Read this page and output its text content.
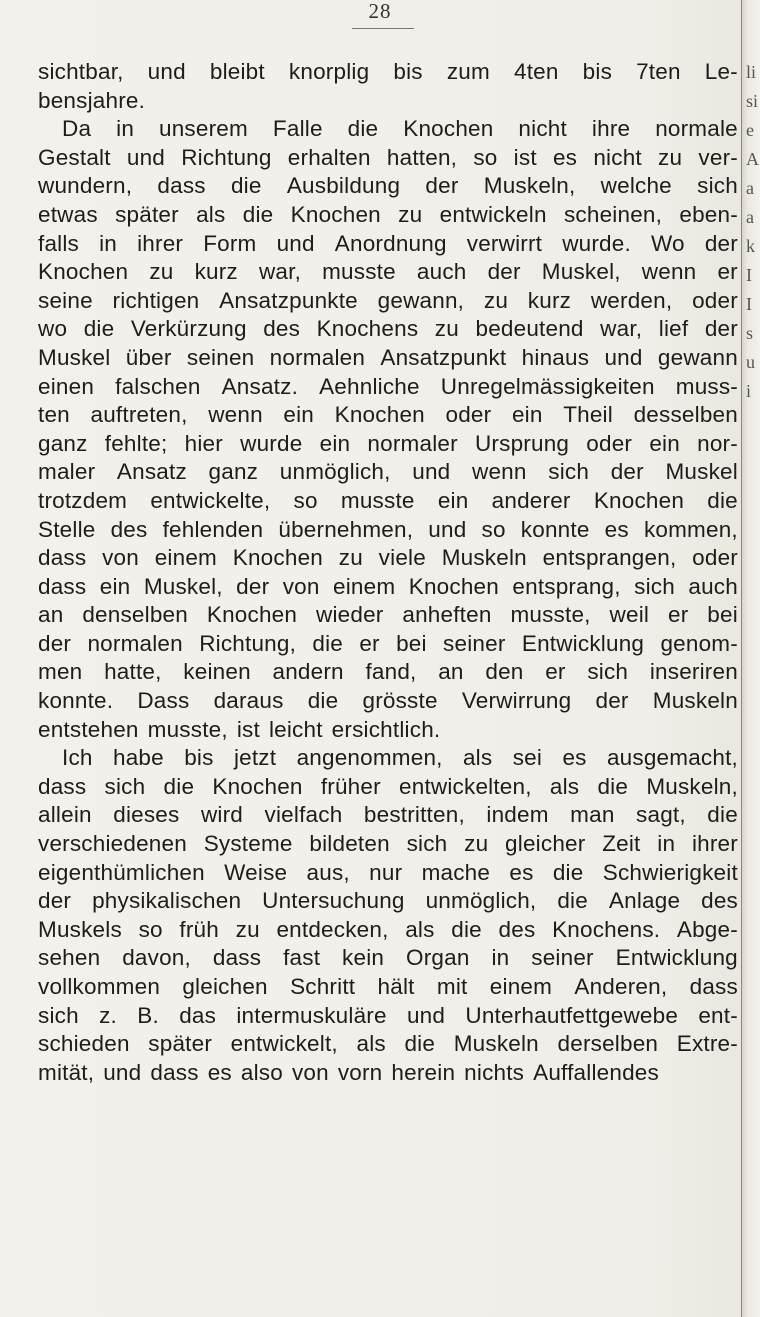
28
sichtbar, und bleibt knorplig bis zum 4ten bis 7ten Le-
bensjahre.
Da in unserem Falle die Knochen nicht ihre normale
Gestalt und Richtung erhalten hatten, so ist es nicht zu ver-
wundern, dass die Ausbildung der Muskeln, welche sich
etwas später als die Knochen zu entwickeln scheinen, eben-
falls in ihrer Form und Anordnung verwirrt wurde. Wo der
Knochen zu kurz war, musste auch der Muskel, wenn er
seine richtigen Ansatzpunkte gewann, zu kurz werden, oder
wo die Verkürzung des Knochens zu bedeutend war, lief der
Muskel über seinen normalen Ansatzpunkt hinaus und gewann
einen falschen Ansatz. Aehnliche Unregelmässigkeiten muss-
ten auftreten, wenn ein Knochen oder ein Theil desselben
ganz fehlte; hier wurde ein normaler Ursprung oder ein nor-
maler Ansatz ganz unmöglich, und wenn sich der Muskel
trotzdem entwickelte, so musste ein anderer Knochen die
Stelle des fehlenden übernehmen, und so konnte es kommen,
dass von einem Knochen zu viele Muskeln entsprangen, oder
dass ein Muskel, der von einem Knochen entsprang, sich auch
an denselben Knochen wieder anheften musste, weil er bei
der normalen Richtung, die er bei seiner Entwicklung genom-
men hatte, keinen andern fand, an den er sich inseriren
konnte. Dass daraus die grösste Verwirrung der Muskeln
entstehen musste, ist leicht ersichtlich.
Ich habe bis jetzt angenommen, als sei es ausgemacht,
dass sich die Knochen früher entwickelten, als die Muskeln,
allein dieses wird vielfach bestritten, indem man sagt, die
verschiedenen Systeme bildeten sich zu gleicher Zeit in ihrer
eigenthümlichen Weise aus, nur mache es die Schwierigkeit
der physikalischen Untersuchung unmöglich, die Anlage des
Muskels so früh zu entdecken, als die des Knochens. Abge-
sehen davon, dass fast kein Organ in seiner Entwicklung
vollkommen gleichen Schritt hält mit einem Anderen, dass
sich z. B. das intermuskuläre und Unterhautfettgewebe ent-
schieden später entwickelt, als die Muskeln derselben Extre-
mität, und dass es also von vorn herein nichts Auffallendes
li
si
e
A
a
a
k
I
I
s
u
i
